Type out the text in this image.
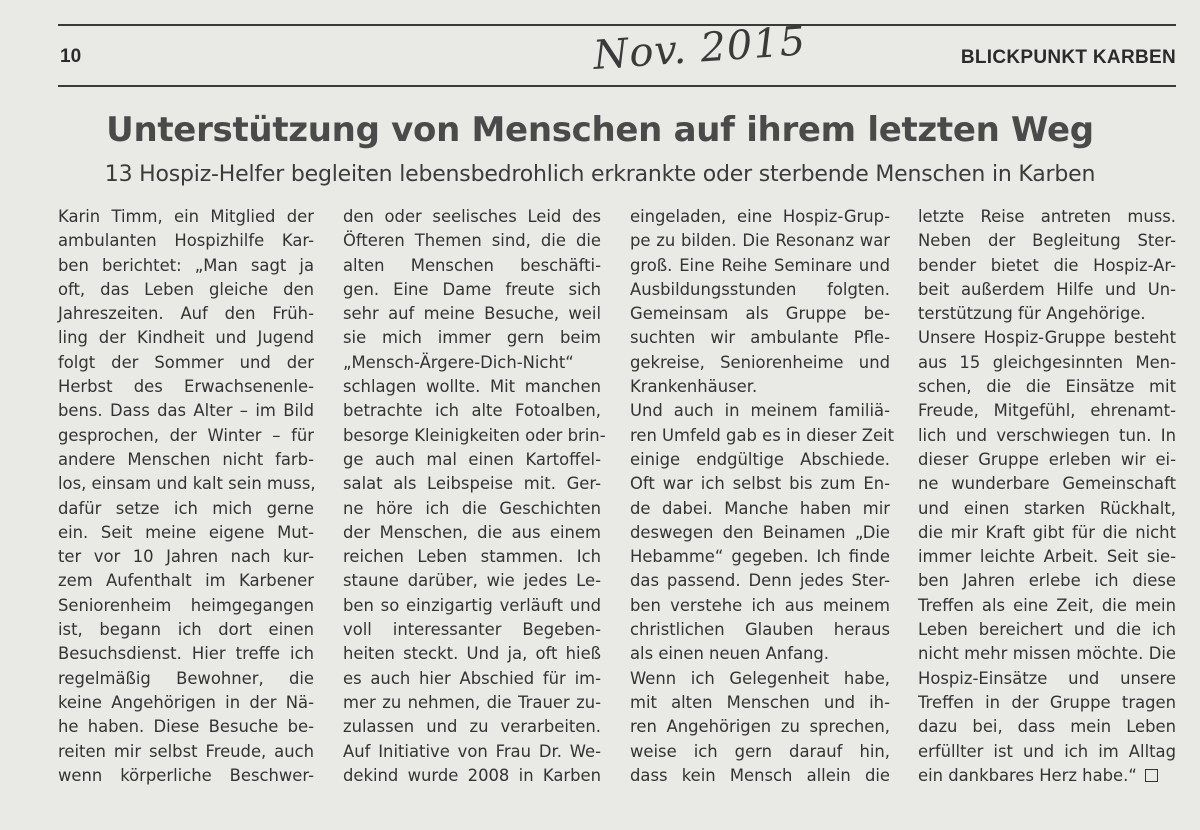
10	Nov. 2015	BLICKPUNKT KARBEN
Unterstützung von Menschen auf ihrem letzten Weg
13 Hospiz-Helfer begleiten lebensbedrohlich erkrankte oder sterbende Menschen in Karben
Karin Timm, ein Mitglied der
ambulanten Hospizhilfe Kar-
ben berichtet: „Man sagt ja
oft, das Leben gleiche den
Jahreszeiten. Auf den Früh-
ling der Kindheit und Jugend
folgt der Sommer und der
Herbst des Erwachsenenle-
bens. Dass das Alter – im Bild
gesprochen, der Winter – für
andere Menschen nicht farb-
los, einsam und kalt sein muss,
dafür setze ich mich gerne
ein. Seit meine eigene Mut-
ter vor 10 Jahren nach kur-
zem Aufenthalt im Karbener
Seniorenheim heimgegangen
ist, begann ich dort einen
Besuchsdienst. Hier treffe ich
regelmäßig Bewohner, die
keine Angehörigen in der Nä-
he haben. Diese Besuche be-
reiten mir selbst Freude, auch
wenn körperliche Beschwer-
den oder seelisches Leid des
Öfteren Themen sind, die die
alten Menschen beschäfti-
gen. Eine Dame freute sich
sehr auf meine Besuche, weil
sie mich immer gern beim
„Mensch-Ärgere-Dich-Nicht“
schlagen wollte. Mit manchen
betrachte ich alte Fotoalben,
besorge Kleinigkeiten oder brin-
ge auch mal einen Kartoffel-
salat als Leibspeise mit. Ger-
ne höre ich die Geschichten
der Menschen, die aus einem
reichen Leben stammen. Ich
staune darüber, wie jedes Le-
ben so einzigartig verläuft und
voll interessanter Begeben-
heiten steckt. Und ja, oft hieß
es auch hier Abschied für im-
mer zu nehmen, die Trauer zu-
zulassen und zu verarbeiten.
Auf Initiative von Frau Dr. We-
dekind wurde 2008 in Karben
eingeladen, eine Hospiz-Grup-
pe zu bilden. Die Resonanz war
groß. Eine Reihe Seminare und
Ausbildungsstunden folgten.
Gemeinsam als Gruppe be-
suchten wir ambulante Pfle-
gekreise, Seniorenheime und
Krankenhäuser.
Und auch in meinem familiä-
ren Umfeld gab es in dieser Zeit
einige endgültige Abschiede.
Oft war ich selbst bis zum En-
de dabei. Manche haben mir
deswegen den Beinamen „Die
Hebamme“ gegeben. Ich finde
das passend. Denn jedes Ster-
ben verstehe ich aus meinem
christlichen Glauben heraus
als einen neuen Anfang.
Wenn ich Gelegenheit habe,
mit alten Menschen und ih-
ren Angehörigen zu sprechen,
weise ich gern darauf hin,
dass kein Mensch allein die
letzte Reise antreten muss.
Neben der Begleitung Ster-
bender bietet die Hospiz-Ar-
beit außerdem Hilfe und Un-
terstützung für Angehörige.
Unsere Hospiz-Gruppe besteht
aus 15 gleichgesinnten Men-
schen, die die Einsätze mit
Freude, Mitgefühl, ehrenamt-
lich und verschwiegen tun. In
dieser Gruppe erleben wir ei-
ne wunderbare Gemeinschaft
und einen starken Rückhalt,
die mir Kraft gibt für die nicht
immer leichte Arbeit. Seit sie-
ben Jahren erlebe ich diese
Treffen als eine Zeit, die mein
Leben bereichert und die ich
nicht mehr missen möchte. Die
Hospiz-Einsätze und unsere
Treffen in der Gruppe tragen
dazu bei, dass mein Leben
erfüllter ist und ich im Alltag
ein dankbares Herz habe.“
